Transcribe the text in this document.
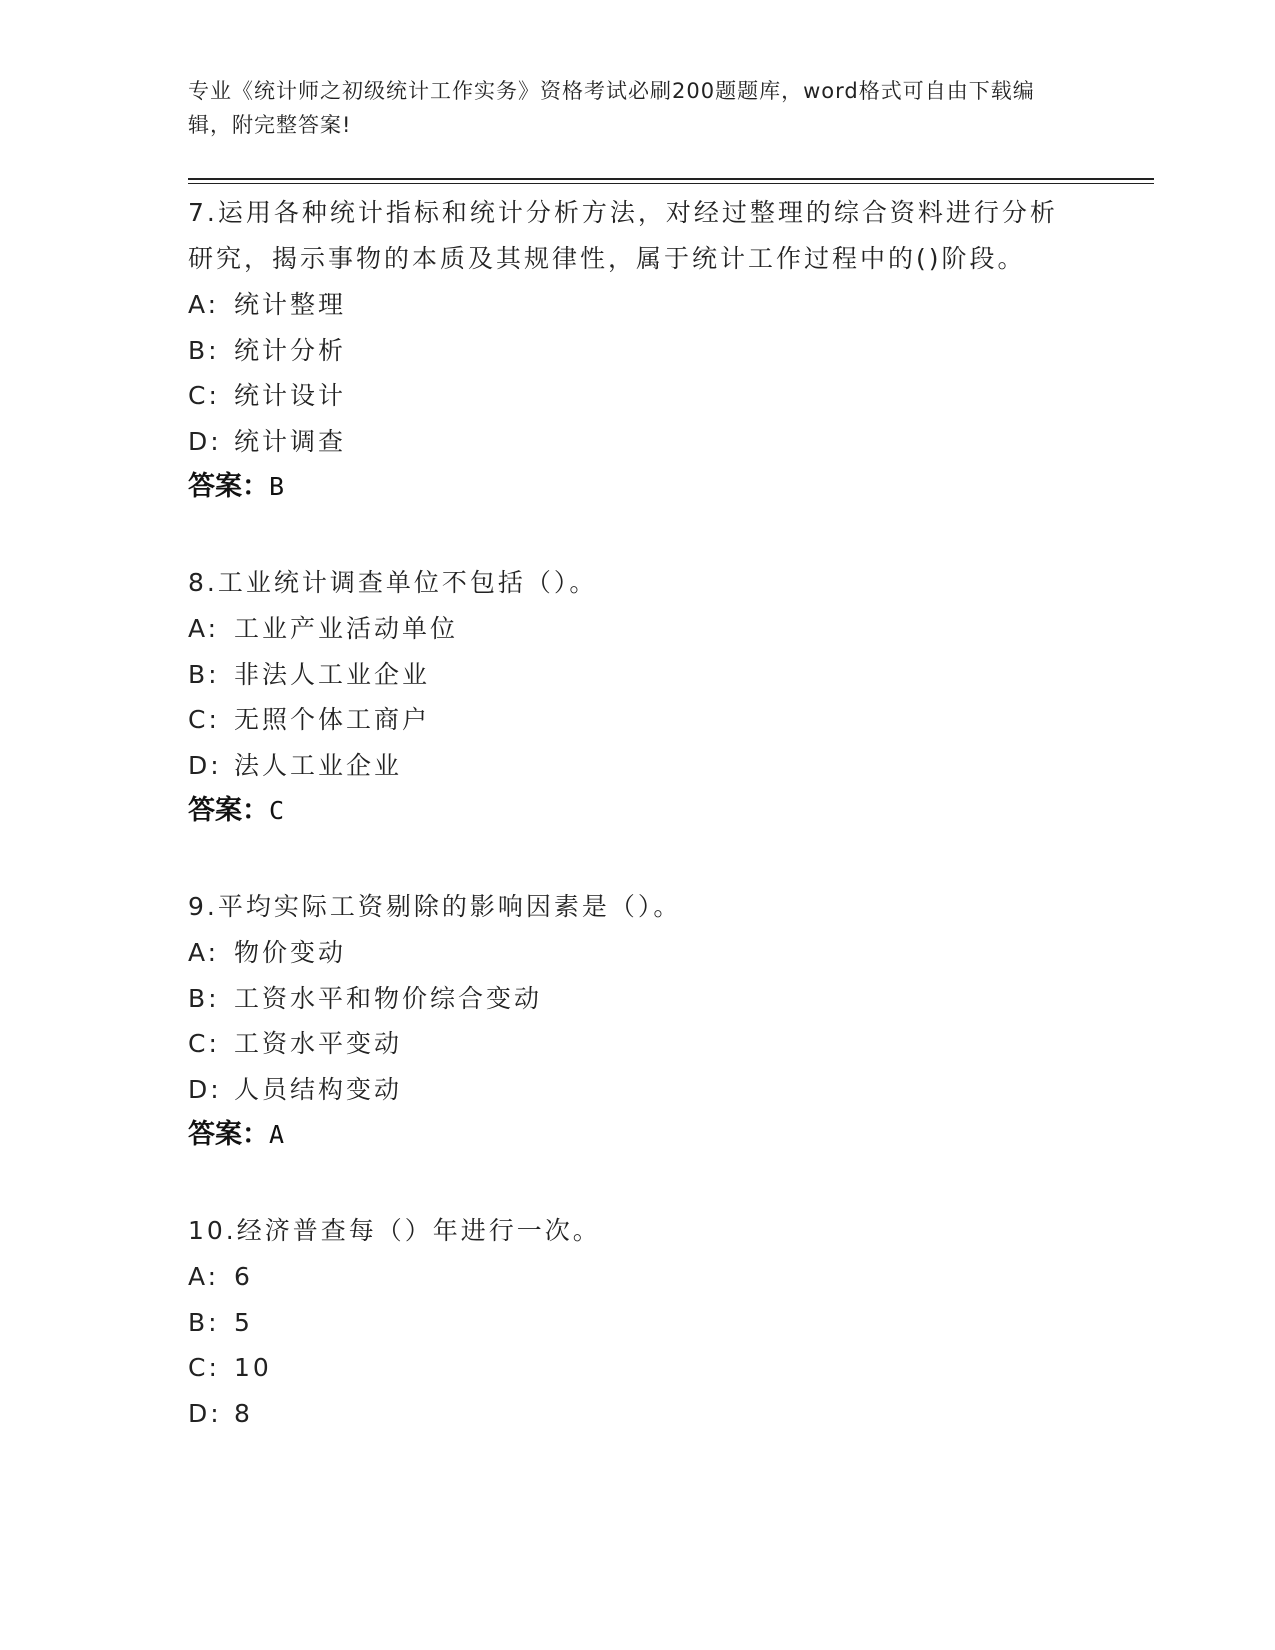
专业《统计师之初级统计工作实务》资格考试必刷200题题库，word格式可自由下载编辑，附完整答案!

7.运用各种统计指标和统计分析方法，对经过整理的综合资料进行分析研究，揭示事物的本质及其规律性，属于统计工作过程中的()阶段。

A: 统计整理

B: 统计分析

C: 统计设计

D: 统计调查

答案：B

8.工业统计调查单位不包括（）。

A: 工业产业活动单位

B: 非法人工业企业

C: 无照个体工商户

D: 法人工业企业

答案：C

9.平均实际工资剔除的影响因素是（）。

A: 物价变动

B: 工资水平和物价综合变动

C: 工资水平变动

D: 人员结构变动

答案：A

10.经济普查每（）年进行一次。

A: 6

B: 5

C: 10

D: 8
